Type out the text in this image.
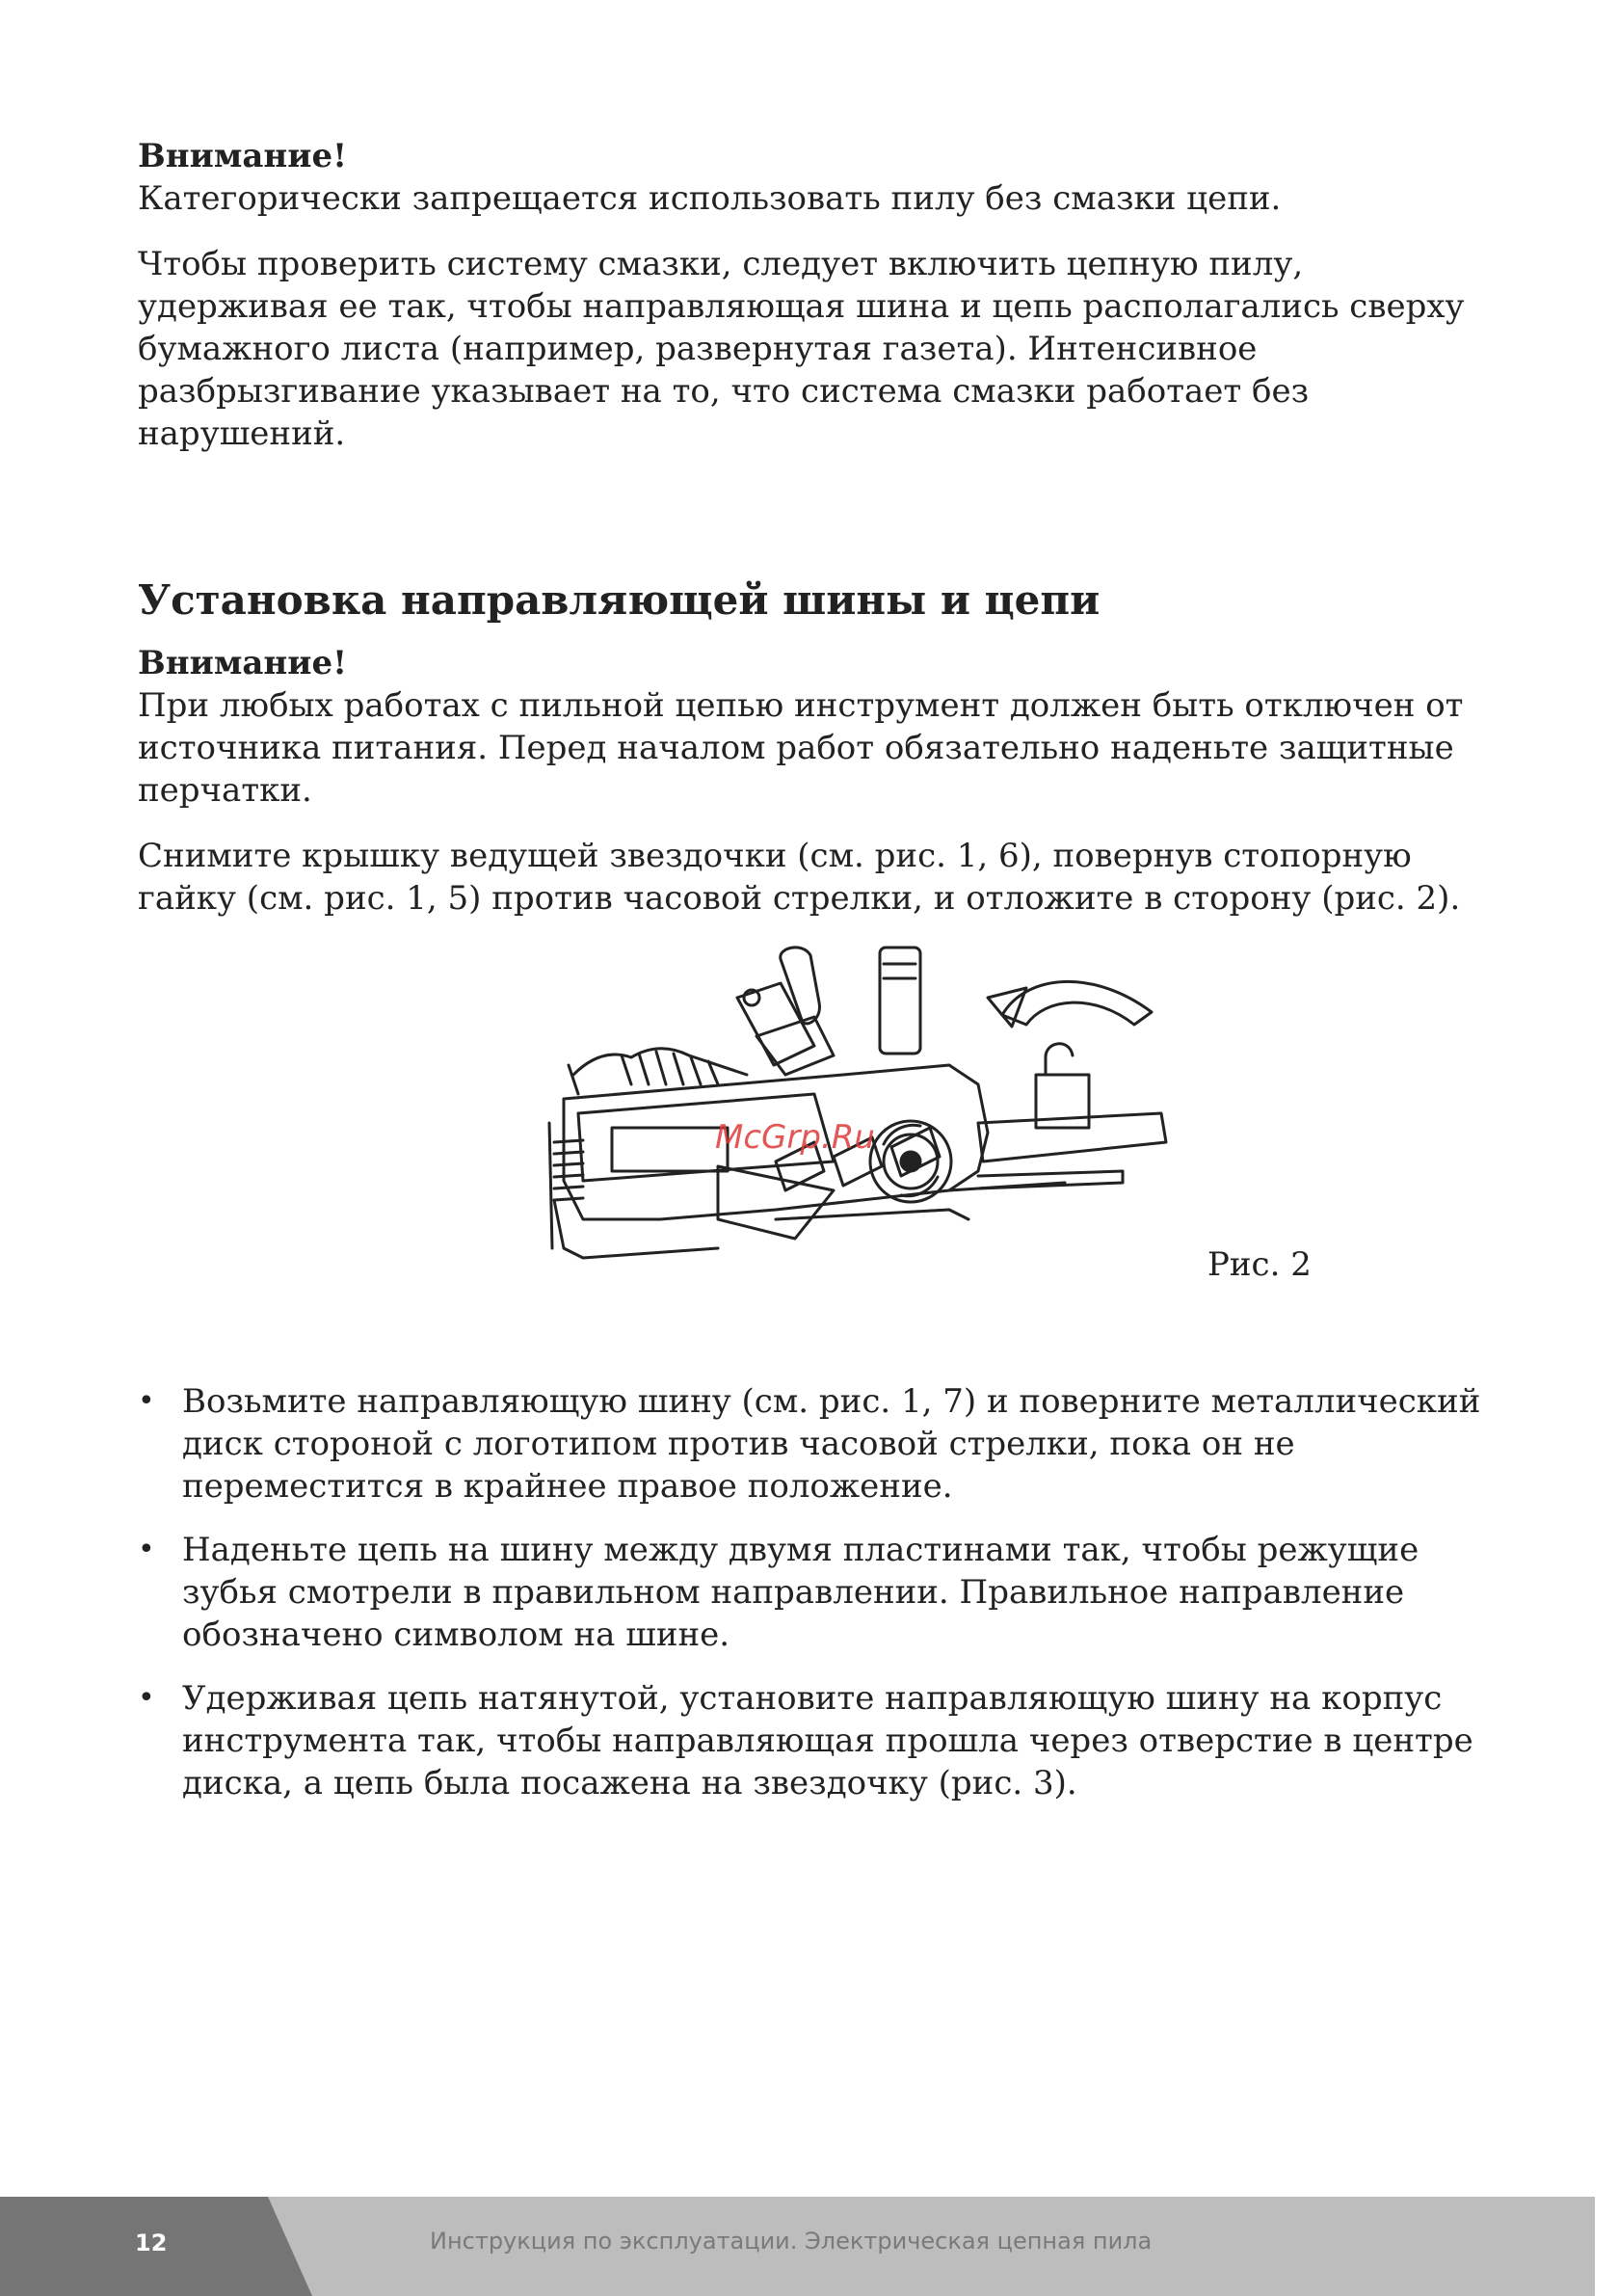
Внимание!

Категорически запрещается использовать пилу без смазки цепи.

Чтобы проверить систему смазки, следует включить цепную пилу, удерживая ее так, чтобы направляющая шина и цепь располагались сверху бумажного листа (например, развернутая газета). Интенсивное разбрызгивание указывает на то, что система смазки работает без нарушений.

Установка направляющей шины и цепи

Внимание!

При любых работах с пильной цепью инструмент должен быть отключен от источника питания. Перед началом работ обязательно наденьте защитные перчатки.

Снимите крышку ведущей звездочки (см. рис. 1, 6), повернув стопорную гайку (см. рис. 1, 5) против часовой стрелки, и отложите в сторону (рис. 2).

McGrp.Ru
Рис. 2
• Возьмите направляющую шину (см. рис. 1, 7) и поверните металлический диск стороной с логотипом против часовой стрелки, пока он не переместится в крайнее правое положение.
• Наденьте цепь на шину между двумя пластинами так, чтобы режущие зубья смотрели в правильном направлении. Правильное направление обозначено символом на шине.
• Удерживая цепь натянутой, установите направляющую шину на корпус инструмента так, чтобы направляющая прошла через отверстие в центре диска, а цепь была посажена на звездочку (рис. 3).
12	Инструкция по эксплуатации. Электрическая цепная пила
